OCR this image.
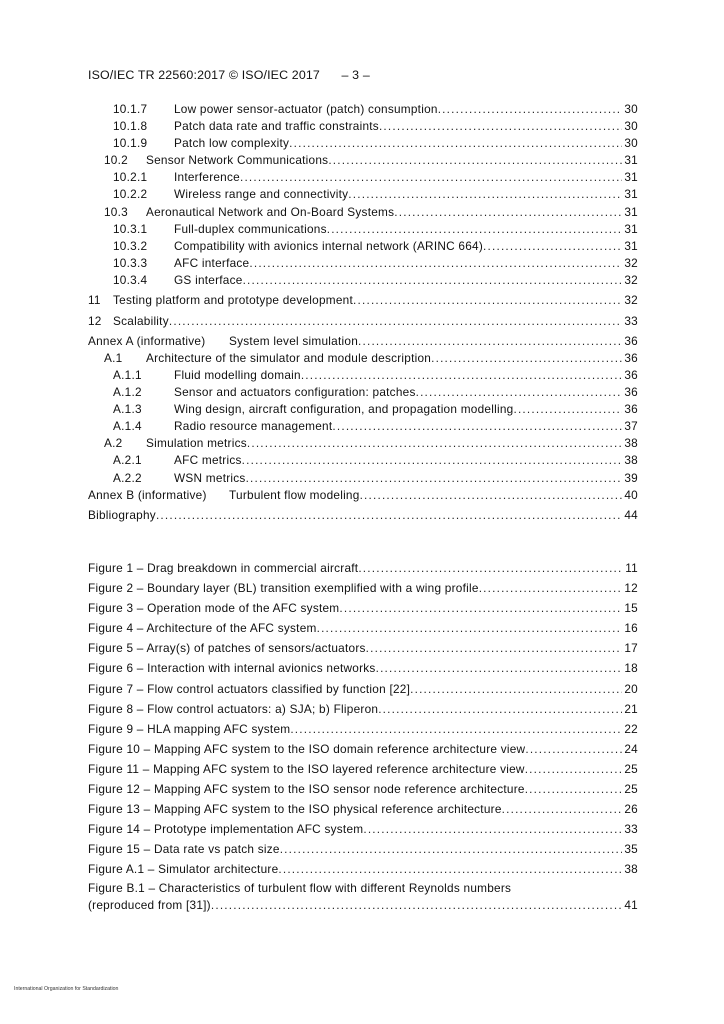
ISO/IEC TR 22560:2017 © ISO/IEC 2017 – 3 –
10.1.7	Low power sensor-actuator (patch) consumption .....	30
10.1.8	Patch data rate and traffic constraints .....	30
10.1.9	Patch low complexity .....	30
10.2	Sensor Network Communications .....	31
10.2.1	Interference .....	31
10.2.2	Wireless range and connectivity .....	31
10.3	Aeronautical Network and On-Board Systems .....	31
10.3.1	Full-duplex communications .....	31
10.3.2	Compatibility with avionics internal network (ARINC 664) .....	31
10.3.3	AFC interface .....	32
10.3.4	GS interface .....	32
11	Testing platform and prototype development .....	32
12 Scalability .....	33
Annex A (informative)	System level simulation .....	36
A.1	Architecture of the simulator and module description .....	36
A.1.1	Fluid modelling domain .....	36
A.1.2	Sensor and actuators configuration: patches .....	36
A.1.3	Wing design, aircraft configuration, and propagation modelling .....	36
A.1.4	Radio resource management .....	37
A.2	Simulation metrics .....	38
A.2.1	AFC metrics .....	38
A.2.2	WSN metrics .....	39
Annex B (informative)	Turbulent flow modeling .....	40
Bibliography .....	44
Figure 1 – Drag breakdown in commercial aircraft .....	11
Figure 2 – Boundary layer (BL) transition exemplified with a wing profile .....	12
Figure 3 – Operation mode of the AFC system .....	15
Figure 4 – Architecture of the AFC system .....	16
Figure 5 – Array(s) of patches of sensors/actuators .....	17
Figure 6 – Interaction with internal avionics networks .....	18
Figure 7 – Flow control actuators classified by function [22] .....	20
Figure 8 – Flow control actuators: a) SJA; b) Fliperon .....	21
Figure 9 – HLA mapping AFC system .....	22
Figure 10 – Mapping AFC system to the ISO domain reference architecture view .....	24
Figure 11 – Mapping AFC system to the ISO layered reference architecture view .....	25
Figure 12 – Mapping AFC system to the ISO sensor node reference architecture .....	25
Figure 13 – Mapping AFC system to the ISO physical reference architecture .....	26
Figure 14 – Prototype implementation AFC system .....	33
Figure 15 – Data rate vs patch size .....	35
Figure A.1 – Simulator architecture .....	38
Figure B.1 – Characteristics of turbulent flow with different Reynolds numbers
(reproduced from [31]) .....	41
International Organization for Standardization
